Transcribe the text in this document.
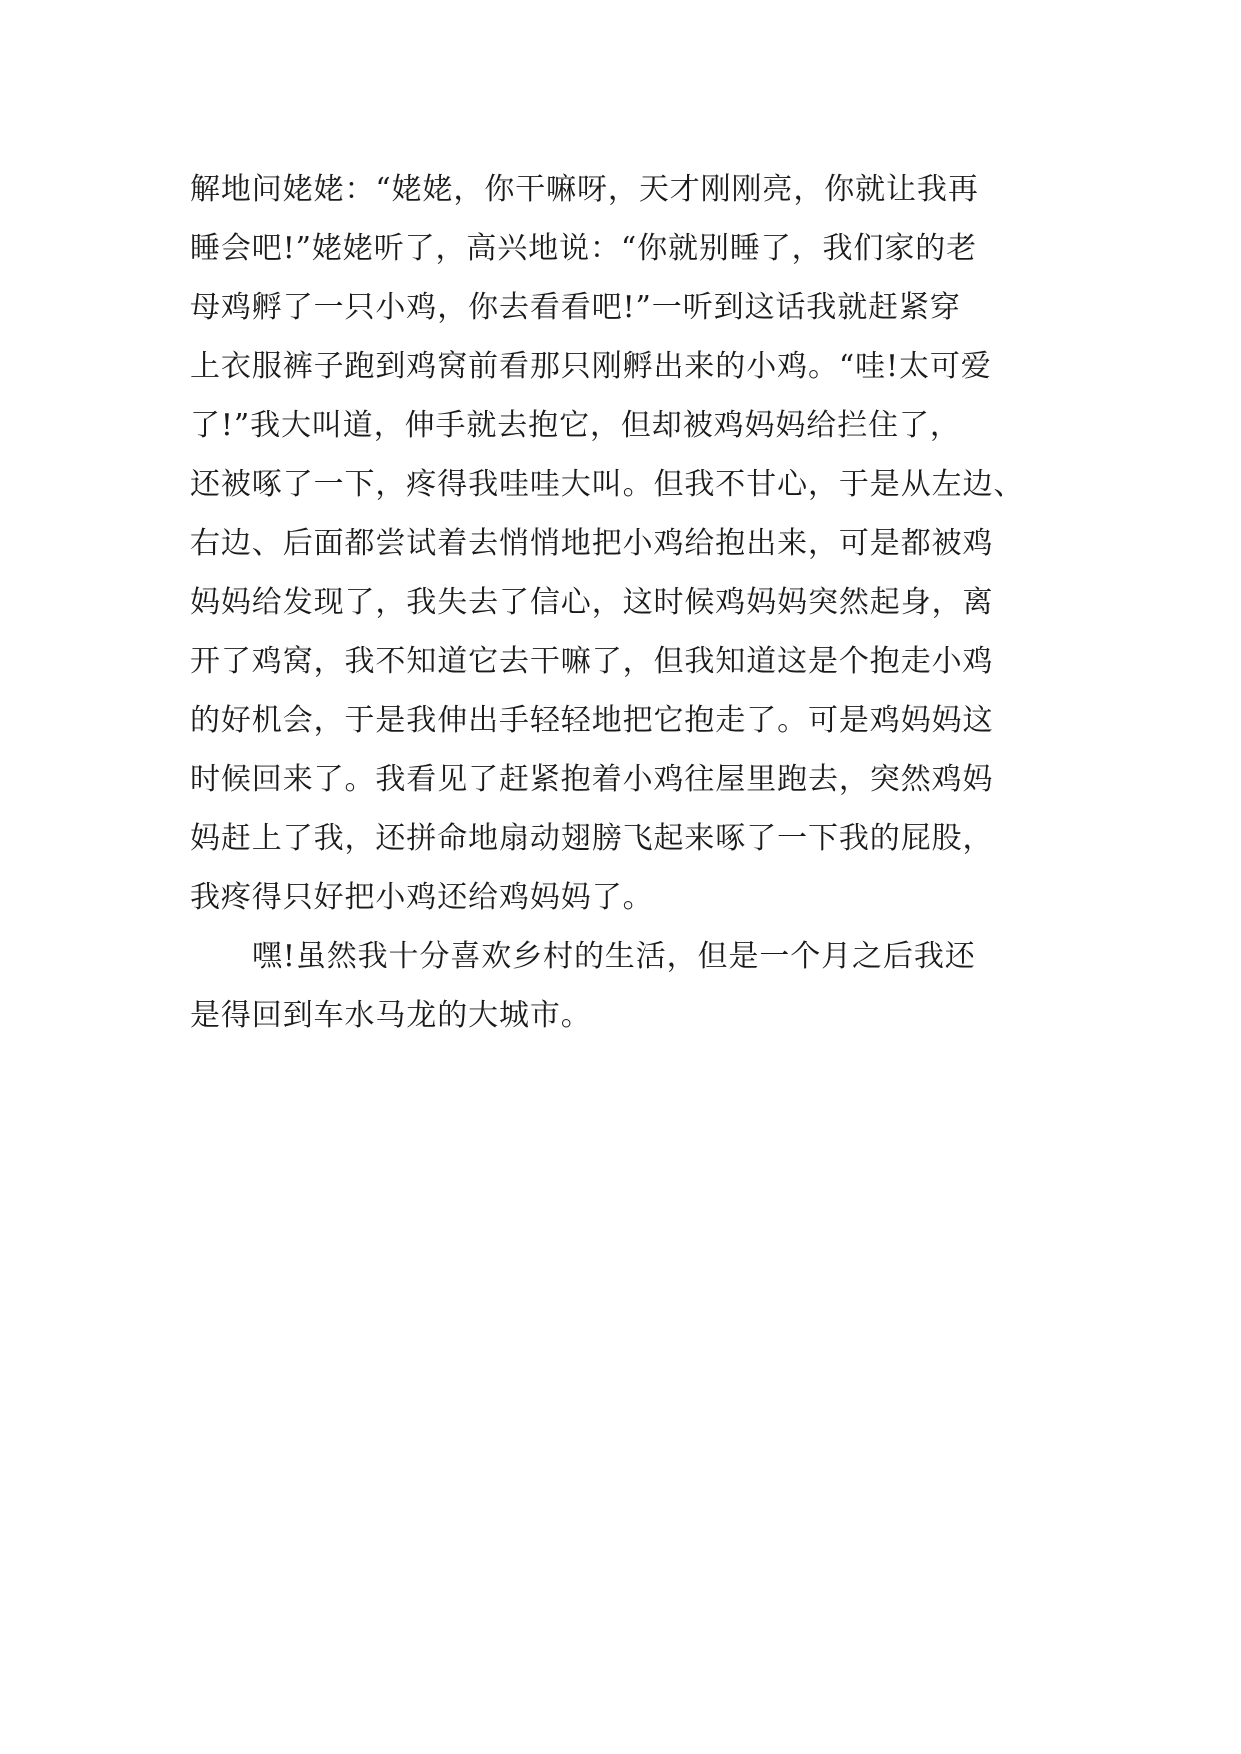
解地问姥姥：“姥姥，你干嘛呀，天才刚刚亮，你就让我再
睡会吧!”姥姥听了，高兴地说：“你就别睡了，我们家的老
母鸡孵了一只小鸡，你去看看吧!”一听到这话我就赶紧穿
上衣服裤子跑到鸡窝前看那只刚孵出来的小鸡。“哇!太可爱
了!”我大叫道，伸手就去抱它，但却被鸡妈妈给拦住了，
还被啄了一下，疼得我哇哇大叫。但我不甘心，于是从左边、
右边、后面都尝试着去悄悄地把小鸡给抱出来，可是都被鸡
妈妈给发现了，我失去了信心，这时候鸡妈妈突然起身，离
开了鸡窝，我不知道它去干嘛了，但我知道这是个抱走小鸡
的好机会，于是我伸出手轻轻地把它抱走了。可是鸡妈妈这
时候回来了。我看见了赶紧抱着小鸡往屋里跑去，突然鸡妈
妈赶上了我，还拼命地扇动翅膀飞起来啄了一下我的屁股，
我疼得只好把小鸡还给鸡妈妈了。
嘿!虽然我十分喜欢乡村的生活，但是一个月之后我还
是得回到车水马龙的大城市。
